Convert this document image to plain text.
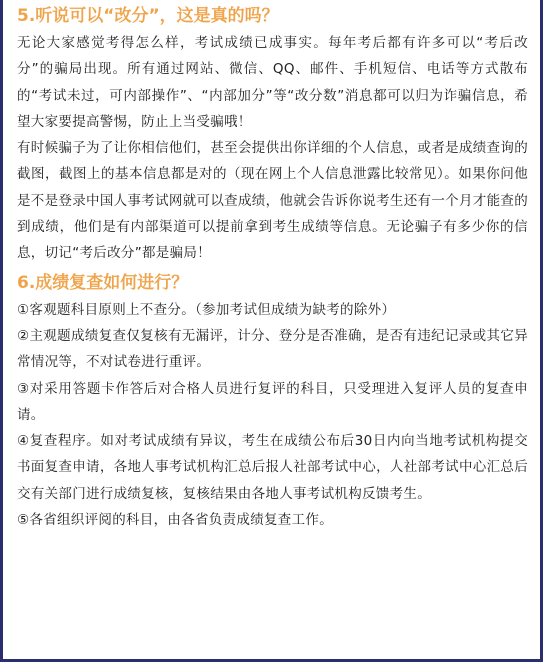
5.听说可以“改分”，这是真的吗？

无论大家感觉考得怎么样，考试成绩已成事实。每年考后都有许多可以“考后改分”的骗局出现。所有通过网站、微信、QQ、邮件、手机短信、电话等方式散布的“考试未过，可内部操作”、“内部加分”等“改分数”消息都可以归为诈骗信息，希望大家要提高警惕，防止上当受骗哦！

有时候骗子为了让你相信他们，甚至会提供出你详细的个人信息，或者是成绩查询的截图，截图上的基本信息都是对的（现在网上个人信息泄露比较常见）。如果你问他是不是登录中国人事考试网就可以查成绩，他就会告诉你说考生还有一个月才能查的到成绩，他们是有内部渠道可以提前拿到考生成绩等信息。无论骗子有多少你的信息，切记“考后改分”都是骗局！

6.成绩复查如何进行？

①客观题科目原则上不查分。（参加考试但成绩为缺考的除外）

②主观题成绩复查仅复核有无漏评，计分、登分是否准确，是否有违纪记录或其它异常情况等，不对试卷进行重评。

③对采用答题卡作答后对合格人员进行复评的科目，只受理进入复评人员的复查申请。

④复查程序。如对考试成绩有异议，考生在成绩公布后30日内向当地考试机构提交书面复查申请，各地人事考试机构汇总后报人社部考试中心，人社部考试中心汇总后交有关部门进行成绩复核，复核结果由各地人事考试机构反馈考生。

⑤各省组织评阅的科目，由各省负责成绩复查工作。
